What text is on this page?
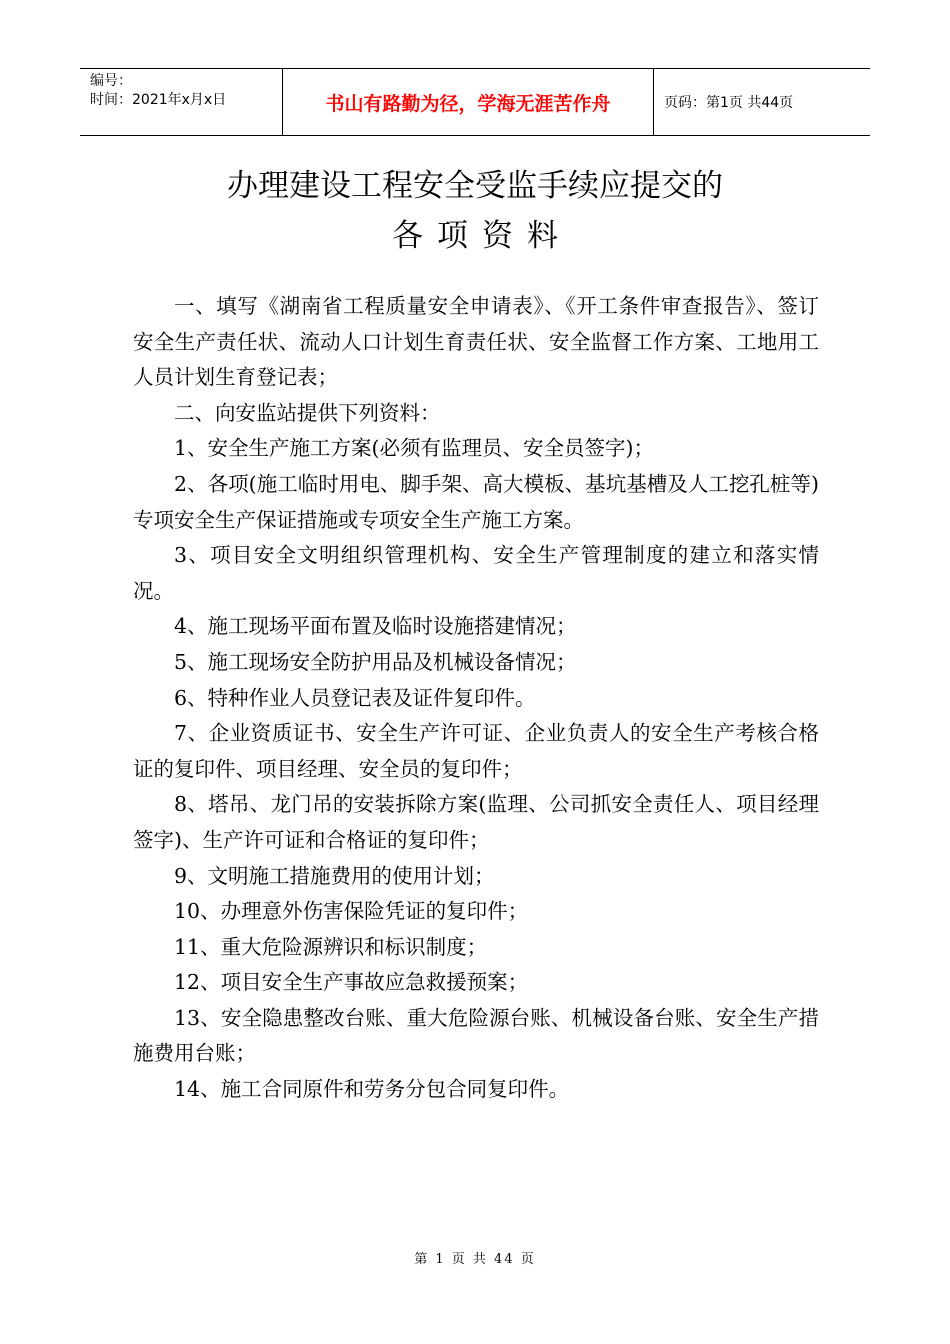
编号：
时间：2021年x月x日	书山有路勤为径，学海无涯苦作舟	页码：第1页 共44页
办理建设工程安全受监手续应提交的
各项资料

一、填写《湖南省工程质量安全申请表》、《开工条件审查报告》、签订安全生产责任状、流动人口计划生育责任状、安全监督工作方案、工地用工人员计划生育登记表；

二、向安监站提供下列资料：

1、安全生产施工方案(必须有监理员、安全员签字)；

2、各项(施工临时用电、脚手架、高大模板、基坑基槽及人工挖孔桩等)专项安全生产保证措施或专项安全生产施工方案。

3、项目安全文明组织管理机构、安全生产管理制度的建立和落实情况。

4、施工现场平面布置及临时设施搭建情况；

5、施工现场安全防护用品及机械设备情况；

6、特种作业人员登记表及证件复印件。

7、企业资质证书、安全生产许可证、企业负责人的安全生产考核合格证的复印件、项目经理、安全员的复印件；

8、塔吊、龙门吊的安装拆除方案(监理、公司抓安全责任人、项目经理签字)、生产许可证和合格证的复印件；

9、文明施工措施费用的使用计划；

10、办理意外伤害保险凭证的复印件；

11、重大危险源辨识和标识制度；

12、项目安全生产事故应急救援预案；

13、安全隐患整改台账、重大危险源台账、机械设备台账、安全生产措施费用台账；

14、施工合同原件和劳务分包合同复印件。

第 1 页 共 44 页
